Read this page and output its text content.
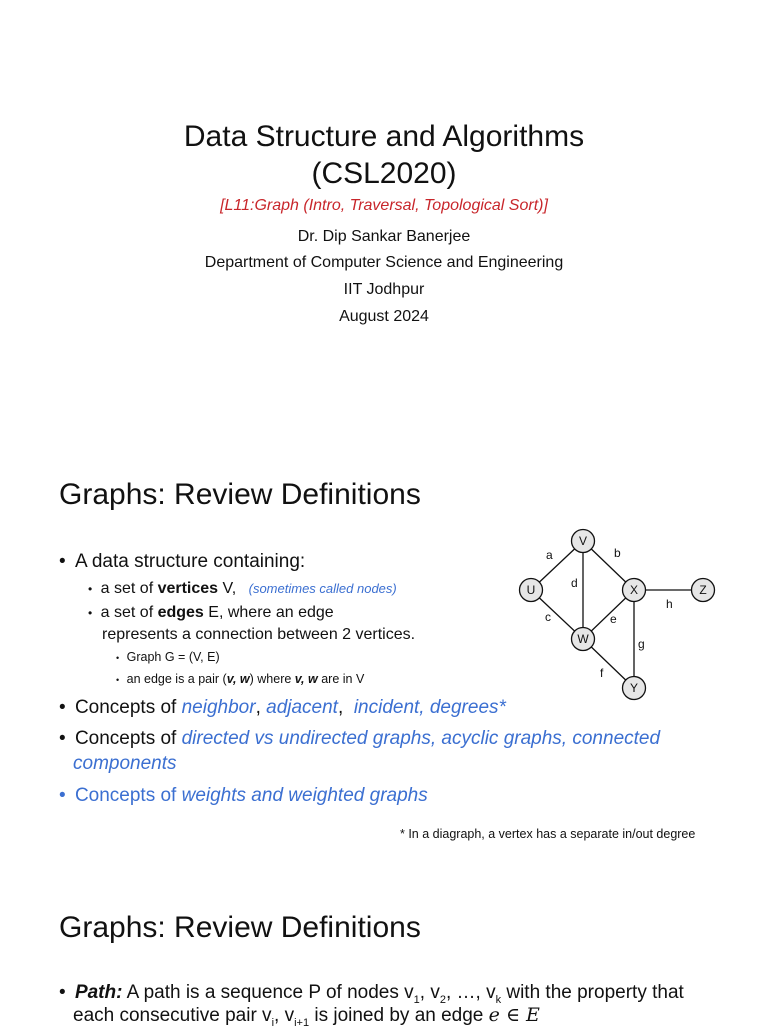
Data Structure and Algorithms
(CSL2020)
[L11:Graph (Intro, Traversal, Topological Sort)]
Dr. Dip Sankar Banerjee
Department of Computer Science and Engineering
IIT Jodhpur
August 2024
Graphs: Review Definitions
• A data structure containing:
• a set of vertices V, (sometimes called nodes)
• a set of edges E, where an edge
represents a connection between 2 vertices.
• Graph G = (V, E)
• an edge is a pair (v, w) where v, w are in V
• Concepts of neighbor, adjacent,  incident, degrees*
• Concepts of directed vs undirected graphs, acyclic graphs, connected
components
• Concepts of weights and weighted graphs
* In a diagraph, a vertex has a separate in/out degree
a	b
c
d
e
f
g
h
V
U	X	Z
W
Y
Graphs: Review Definitions
• Path: A path is a sequence P of nodes $v_1$, $v_2$, …, $v_k$ with the property that
each consecutive pair $v_i$, $v_{i+1}$ is joined by an edge e ∈ E
